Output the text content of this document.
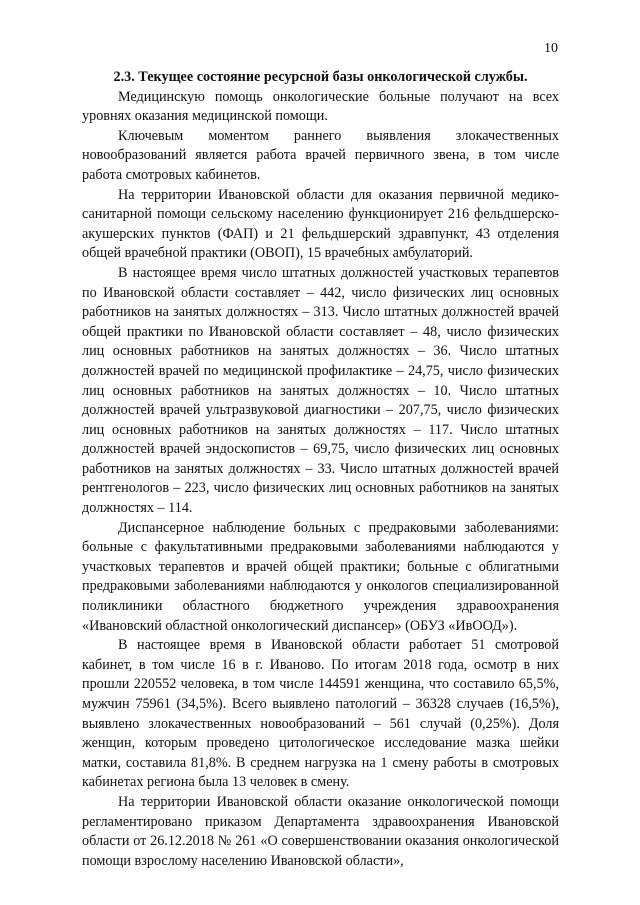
10

2.3. Текущее состояние ресурсной базы онкологической службы.

Медицинскую помощь онкологические больные получают на всех уровнях оказания медицинской помощи.

Ключевым моментом раннего выявления злокачественных новообразований является работа врачей первичного звена, в том числе работа смотровых кабинетов.

На территории Ивановской области для оказания первичной медико-санитарной помощи сельскому населению функционирует 216 фельдшерско-акушерских пунктов (ФАП) и 21 фельдшерский здравпункт, 43 отделения общей врачебной практики (ОВОП), 15 врачебных амбулаторий.

В настоящее время число штатных должностей участковых терапевтов по Ивановской области составляет – 442, число физических лиц основных работников на занятых должностях – 313. Число штатных должностей врачей общей практики по Ивановской области составляет – 48, число физических лиц основных работников на занятых должностях – 36. Число штатных должностей врачей по медицинской профилактике – 24,75, число физических лиц основных работников на занятых должностях – 10. Число штатных должностей врачей ультразвуковой диагностики – 207,75, число физических лиц основных работников на занятых должностях – 117. Число штатных должностей врачей эндоскопистов – 69,75, число физических лиц основных работников на занятых должностях – 33. Число штатных должностей врачей рентгенологов – 223, число физических лиц основных работников на занятых должностях – 114.

Диспансерное наблюдение больных с предраковыми заболеваниями: больные с факультативными предраковыми заболеваниями наблюдаются у участковых терапевтов и врачей общей практики; больные с облигатными предраковыми заболеваниями наблюдаются у онкологов специализированной поликлиники областного бюджетного учреждения здравоохранения «Ивановский областной онкологический диспансер» (ОБУЗ «ИвООД»).

В настоящее время в Ивановской области работает 51 смотровой кабинет, в том числе 16 в г. Иваново. По итогам 2018 года, осмотр в них прошли 220552 человека, в том числе 144591 женщина, что составило 65,5%, мужчин 75961 (34,5%). Всего выявлено патологий – 36328 случаев (16,5%), выявлено злокачественных новообразований – 561 случай (0,25%). Доля женщин, которым проведено цитологическое исследование мазка шейки матки, составила 81,8%. В среднем нагрузка на 1 смену работы в смотровых кабинетах региона была 13 человек в смену.

На территории Ивановской области оказание онкологической помощи регламентировано приказом Департамента здравоохранения Ивановской области от 26.12.2018 № 261 «О совершенствовании оказания онкологической помощи взрослому населению Ивановской области»,
